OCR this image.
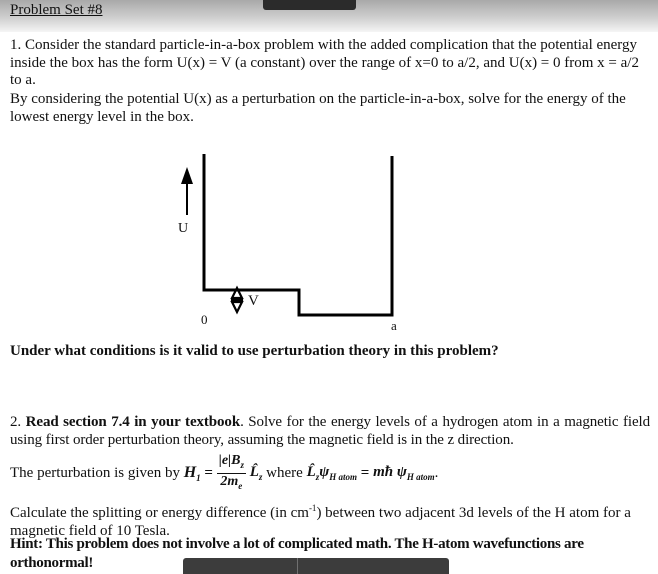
Problem Set #8
1. Consider the standard particle-in-a-box problem with the added complication that the potential energy inside the box has the form U(x) = V (a constant) over the range of x=0 to a/2, and U(x) = 0 from x = a/2 to a.
By considering the potential U(x) as a perturbation on the particle-in-a-box, solve for the energy of the lowest energy level in the box.
U
V
0	a
Under what conditions is it valid to use perturbation theory in this problem?
2. Read section 7.4 in your textbook. Solve for the energy levels of a hydrogen atom in a magnetic field using first order perturbation theory, assuming the magnetic field is in the z direction.
The perturbation is given by $H_1 = \frac{|e|B_z}{2m_e}$ $L̂_z$ where $L̂_z\psi_{H atom}$ = mħ $\psi_{H atom}$.
Calculate the splitting or energy difference (in $cm^{-1}$) between two adjacent 3d levels of the H atom for a magnetic field of 10 Tesla.
Hint: This problem does not involve a lot of complicated math. The H-atom wavefunctions are orthonormal!
